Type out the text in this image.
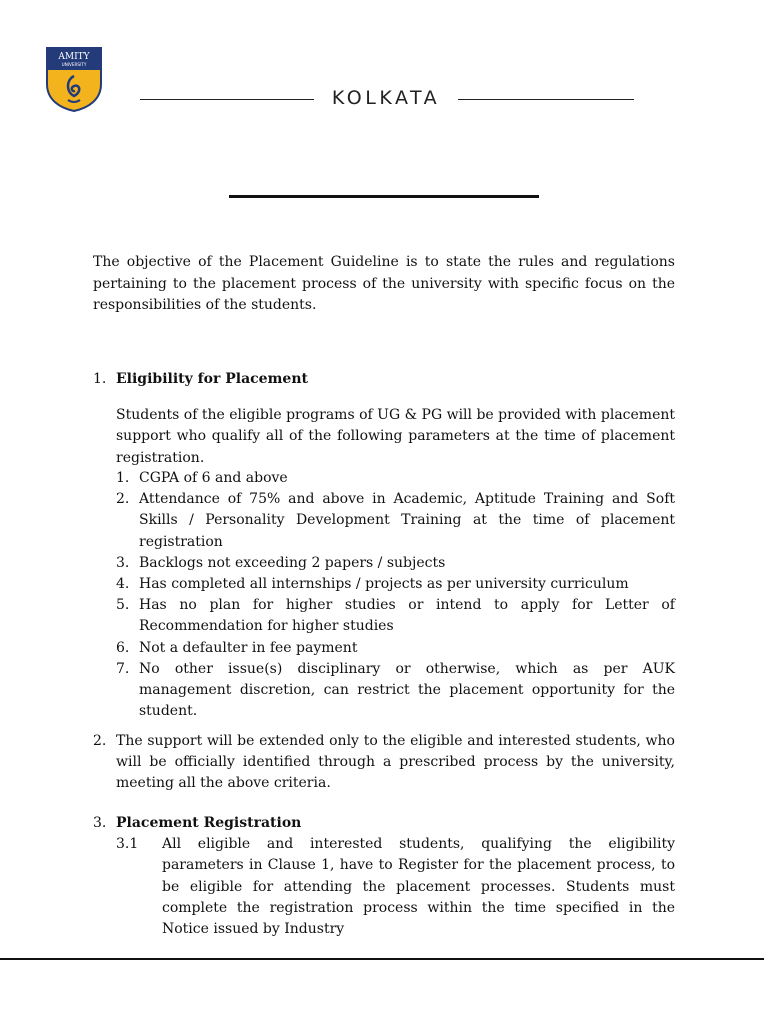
AMITY
UNIVERSITY
KOLKATA

The objective of the Placement Guideline is to state the rules and regulations pertaining to the placement process of the university with specific focus on the responsibilities of the students.

1. Eligibility for Placement

Students of the eligible programs of UG & PG will be provided with placement support who qualify all of the following parameters at the time of placement registration.

1. CGPA of 6 and above
2. Attendance of 75% and above in Academic, Aptitude Training and Soft Skills / Personality Development Training at the time of placement registration
3. Backlogs not exceeding 2 papers / subjects
4. Has completed all internships / projects as per university curriculum
5. Has no plan for higher studies or intend to apply for Letter of Recommendation for higher studies
6. Not a defaulter in fee payment
7. No other issue(s) disciplinary or otherwise, which as per AUK management discretion, can restrict the placement opportunity for the student.
2. The support will be extended only to the eligible and interested students, who will be officially identified through a prescribed process by the university, meeting all the above criteria.

3. Placement Registration
3.1 All eligible and interested students, qualifying the eligibility parameters in Clause 1, have to Register for the placement process, to be eligible for attending the placement processes. Students must complete the registration process within the time specified in the Notice issued by Industry
